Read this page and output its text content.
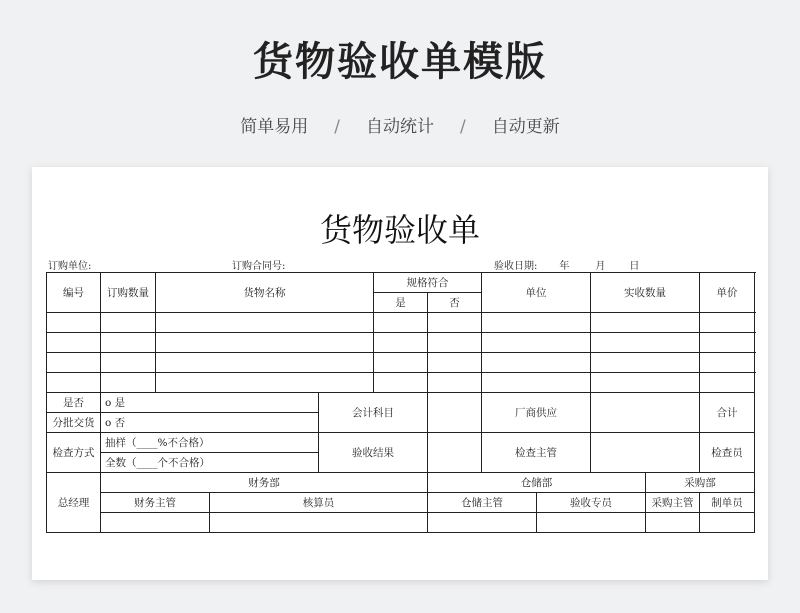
货物验收单模版
简单易用 / 自动统计 / 自动更新
货物验收单
订购单位:	订购合同号:	验收日期: 年	月 日
编号	订购数量	货物名称			规格符合		单位		实收数量		单价
					是	否					

是否	o 是			会计科目			厂商供应				合计
分批交货	o 否										
检查方式	抽样（____%不合格）			验收结果			检查主管				检查员
	全数（____个不合格）										
总经理	财务部					仓储部				采购部	
	财务主管		核算员			仓储主管		验收专员		采购主管	制单员
